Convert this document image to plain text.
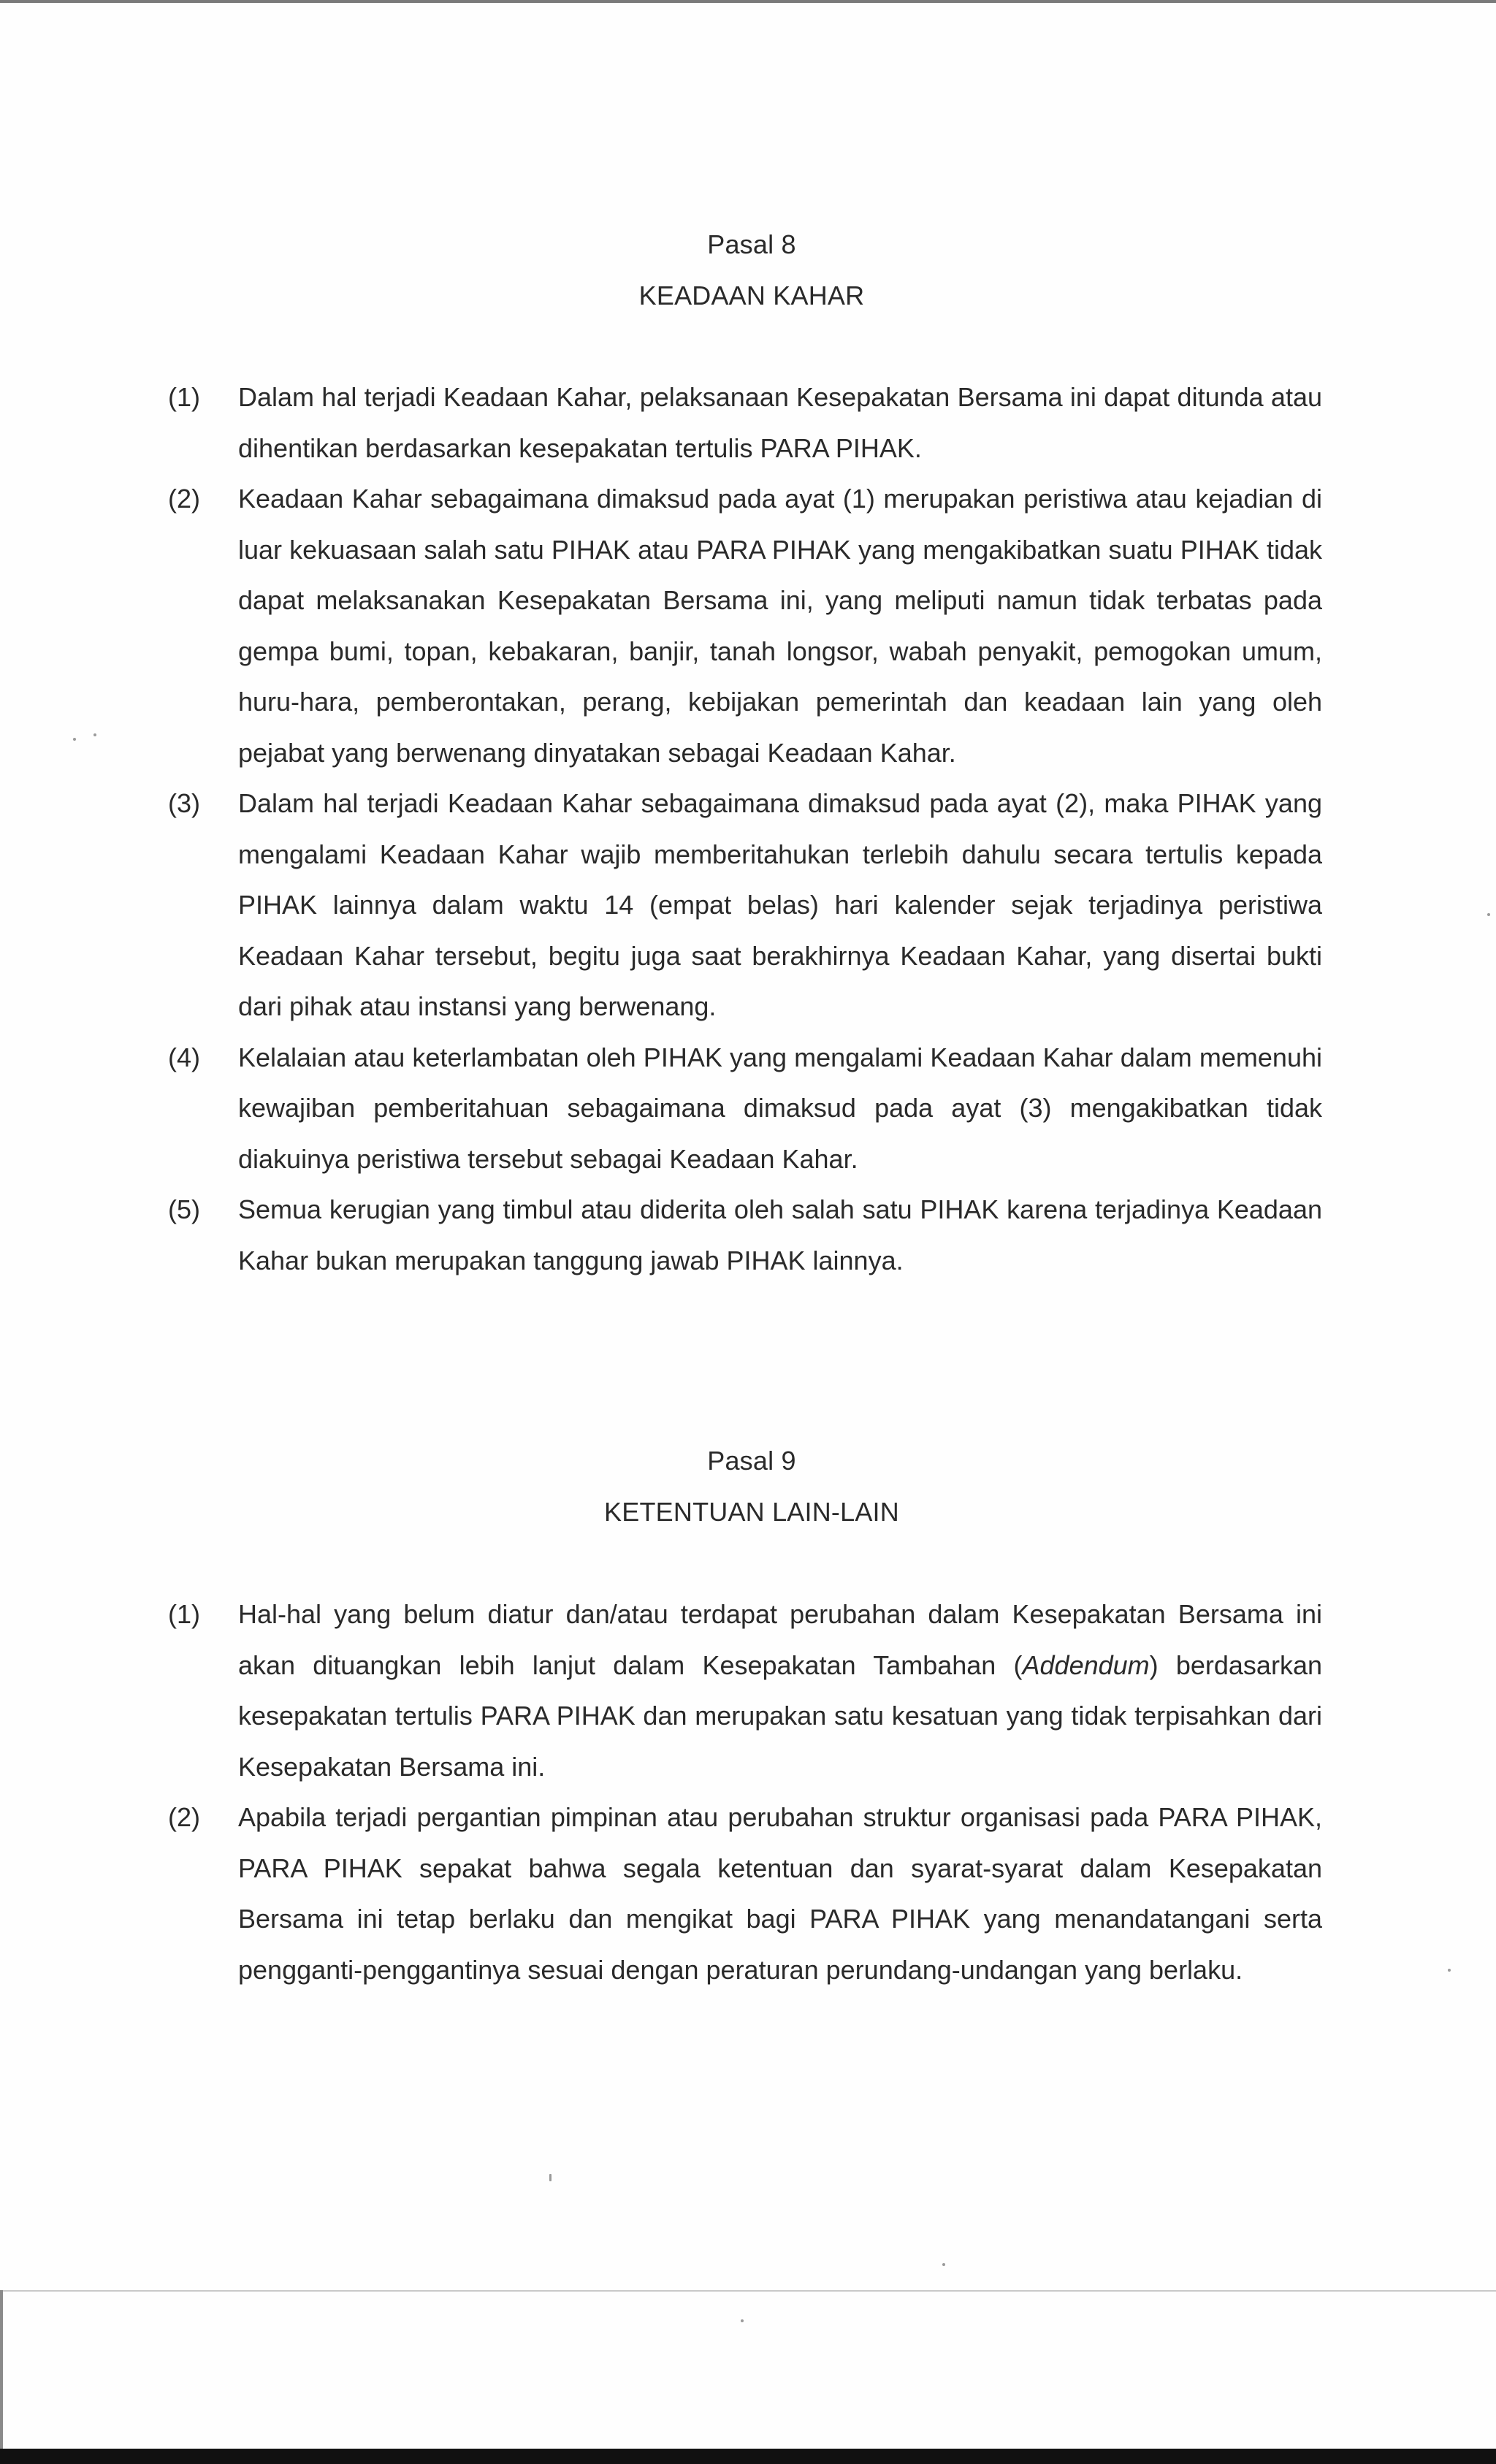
Pasal 8
KEADAAN KAHAR
(1)	Dalam hal terjadi Keadaan Kahar, pelaksanaan Kesepakatan Bersama ini dapat ditunda atau dihentikan berdasarkan kesepakatan tertulis PARA PIHAK.
(2)	Keadaan Kahar sebagaimana dimaksud pada ayat (1) merupakan peristiwa atau kejadian di luar kekuasaan salah satu PIHAK atau PARA PIHAK yang mengakibatkan suatu PIHAK tidak dapat melaksanakan Kesepakatan Bersama ini, yang meliputi namun tidak terbatas pada gempa bumi, topan, kebakaran, banjir, tanah longsor, wabah penyakit, pemogokan umum, huru-hara, pemberontakan, perang, kebijakan pemerintah dan keadaan lain yang oleh pejabat yang berwenang dinyatakan sebagai Keadaan Kahar.
(3)	Dalam hal terjadi Keadaan Kahar sebagaimana dimaksud pada ayat (2), maka PIHAK yang mengalami Keadaan Kahar wajib memberitahukan terlebih dahulu secara tertulis kepada PIHAK lainnya dalam waktu 14 (empat belas) hari kalender sejak terjadinya peristiwa Keadaan Kahar tersebut, begitu juga saat berakhirnya Keadaan Kahar, yang disertai bukti dari pihak atau instansi yang berwenang.
(4)	Kelalaian atau keterlambatan oleh PIHAK yang mengalami Keadaan Kahar dalam memenuhi kewajiban pemberitahuan sebagaimana dimaksud pada ayat (3) mengakibatkan tidak diakuinya peristiwa tersebut sebagai Keadaan Kahar.
(5)	Semua kerugian yang timbul atau diderita oleh salah satu PIHAK karena terjadinya Keadaan Kahar bukan merupakan tanggung jawab PIHAK lainnya.
Pasal 9
KETENTUAN LAIN-LAIN
(1)	Hal-hal yang belum diatur dan/atau terdapat perubahan dalam Kesepakatan Bersama ini akan dituangkan lebih lanjut dalam Kesepakatan Tambahan (Addendum) berdasarkan kesepakatan tertulis PARA PIHAK dan merupakan satu kesatuan yang tidak terpisahkan dari Kesepakatan Bersama ini.
(2)	Apabila terjadi pergantian pimpinan atau perubahan struktur organisasi pada PARA PIHAK, PARA PIHAK sepakat bahwa segala ketentuan dan syarat-syarat dalam Kesepakatan Bersama ini tetap berlaku dan mengikat bagi PARA PIHAK yang menandatangani serta pengganti-penggantinya sesuai dengan peraturan perundang-undangan yang berlaku.
